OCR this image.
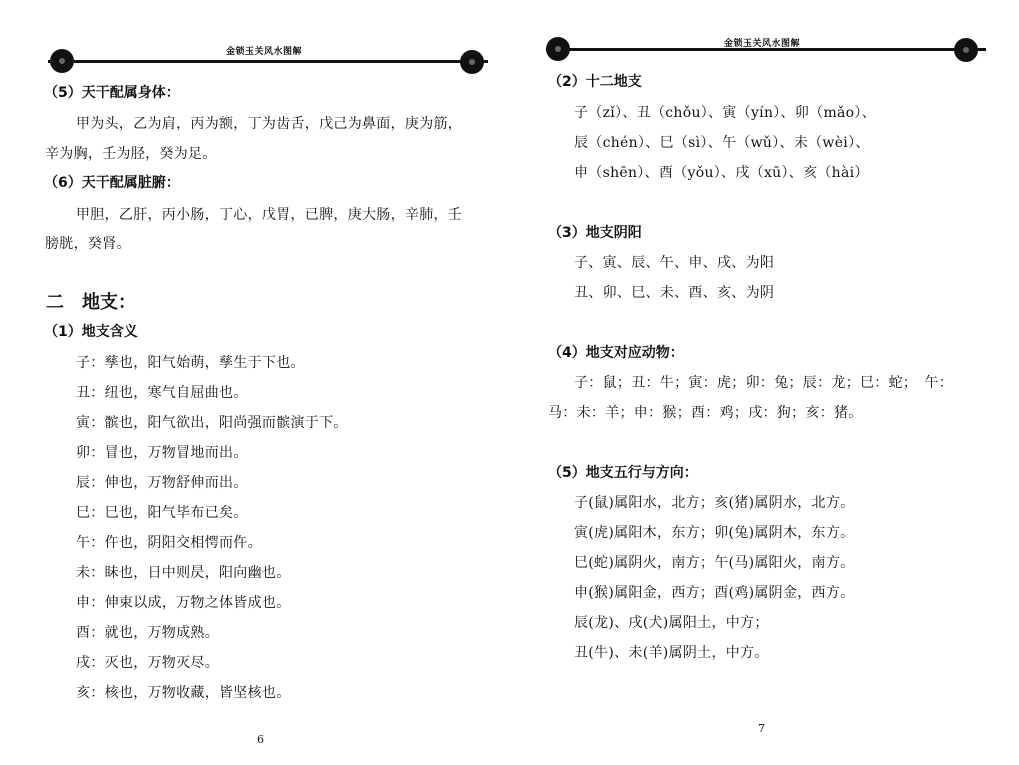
金锁玉关风水图解
（5）天干配属身体：
甲为头，乙为肩，丙为额，丁为齿舌，戊己为鼻面，庚为筋，
辛为胸，壬为胫，癸为足。
（6）天干配属脏腑：
甲胆，乙肝，丙小肠，丁心，戊胃，已脾，庚大肠，辛肺，壬
膀胱，癸肾。
二　地支：
（1）地支含义
子：孳也，阳气始萌，孳生于下也。
丑：纽也，寒气自屈曲也。
寅：髌也，阳气欲出，阳尚强而髌演于下。
卯：冒也，万物冒地而出。
辰：伸也，万物舒伸而出。
巳：巳也，阳气毕布已矣。
午：仵也，阴阳交相愕而仵。
未：眛也，日中则昃，阳向幽也。
申：伸束以成，万物之体皆成也。
酉：就也，万物成熟。
戌：灭也，万物灭尽。
亥：核也，万物收藏，皆坚核也。
6
金锁玉关风水图解
（2）十二地支
子（zǐ）、丑（chǒu）、寅（yín）、卯（mǎo）、
辰（chén）、巳（sì）、午（wǔ）、未（wèi）、
申（shēn）、酉（yǒu）、戌（xū）、亥（hài）
（3）地支阴阳
子、寅、辰、午、申、戌、为阳
丑、卯、巳、未、酉、亥、为阴
（4）地支对应动物：
子：鼠；丑：牛；寅：虎；卯：兔；辰：龙；巳：蛇；　午：
马：未：羊；申：猴；酉：鸡；戌：狗；亥：猪。
（5）地支五行与方向：
子(鼠)属阳水，北方；亥(猪)属阴水，北方。
寅(虎)属阳木，东方；卯(兔)属阴木，东方。
巳(蛇)属阴火，南方；午(马)属阳火，南方。
申(猴)属阳金，西方；酉(鸡)属阴金，西方。
辰(龙)、戌(犬)属阳土，中方；
丑(牛)、未(羊)属阴土，中方。
7
